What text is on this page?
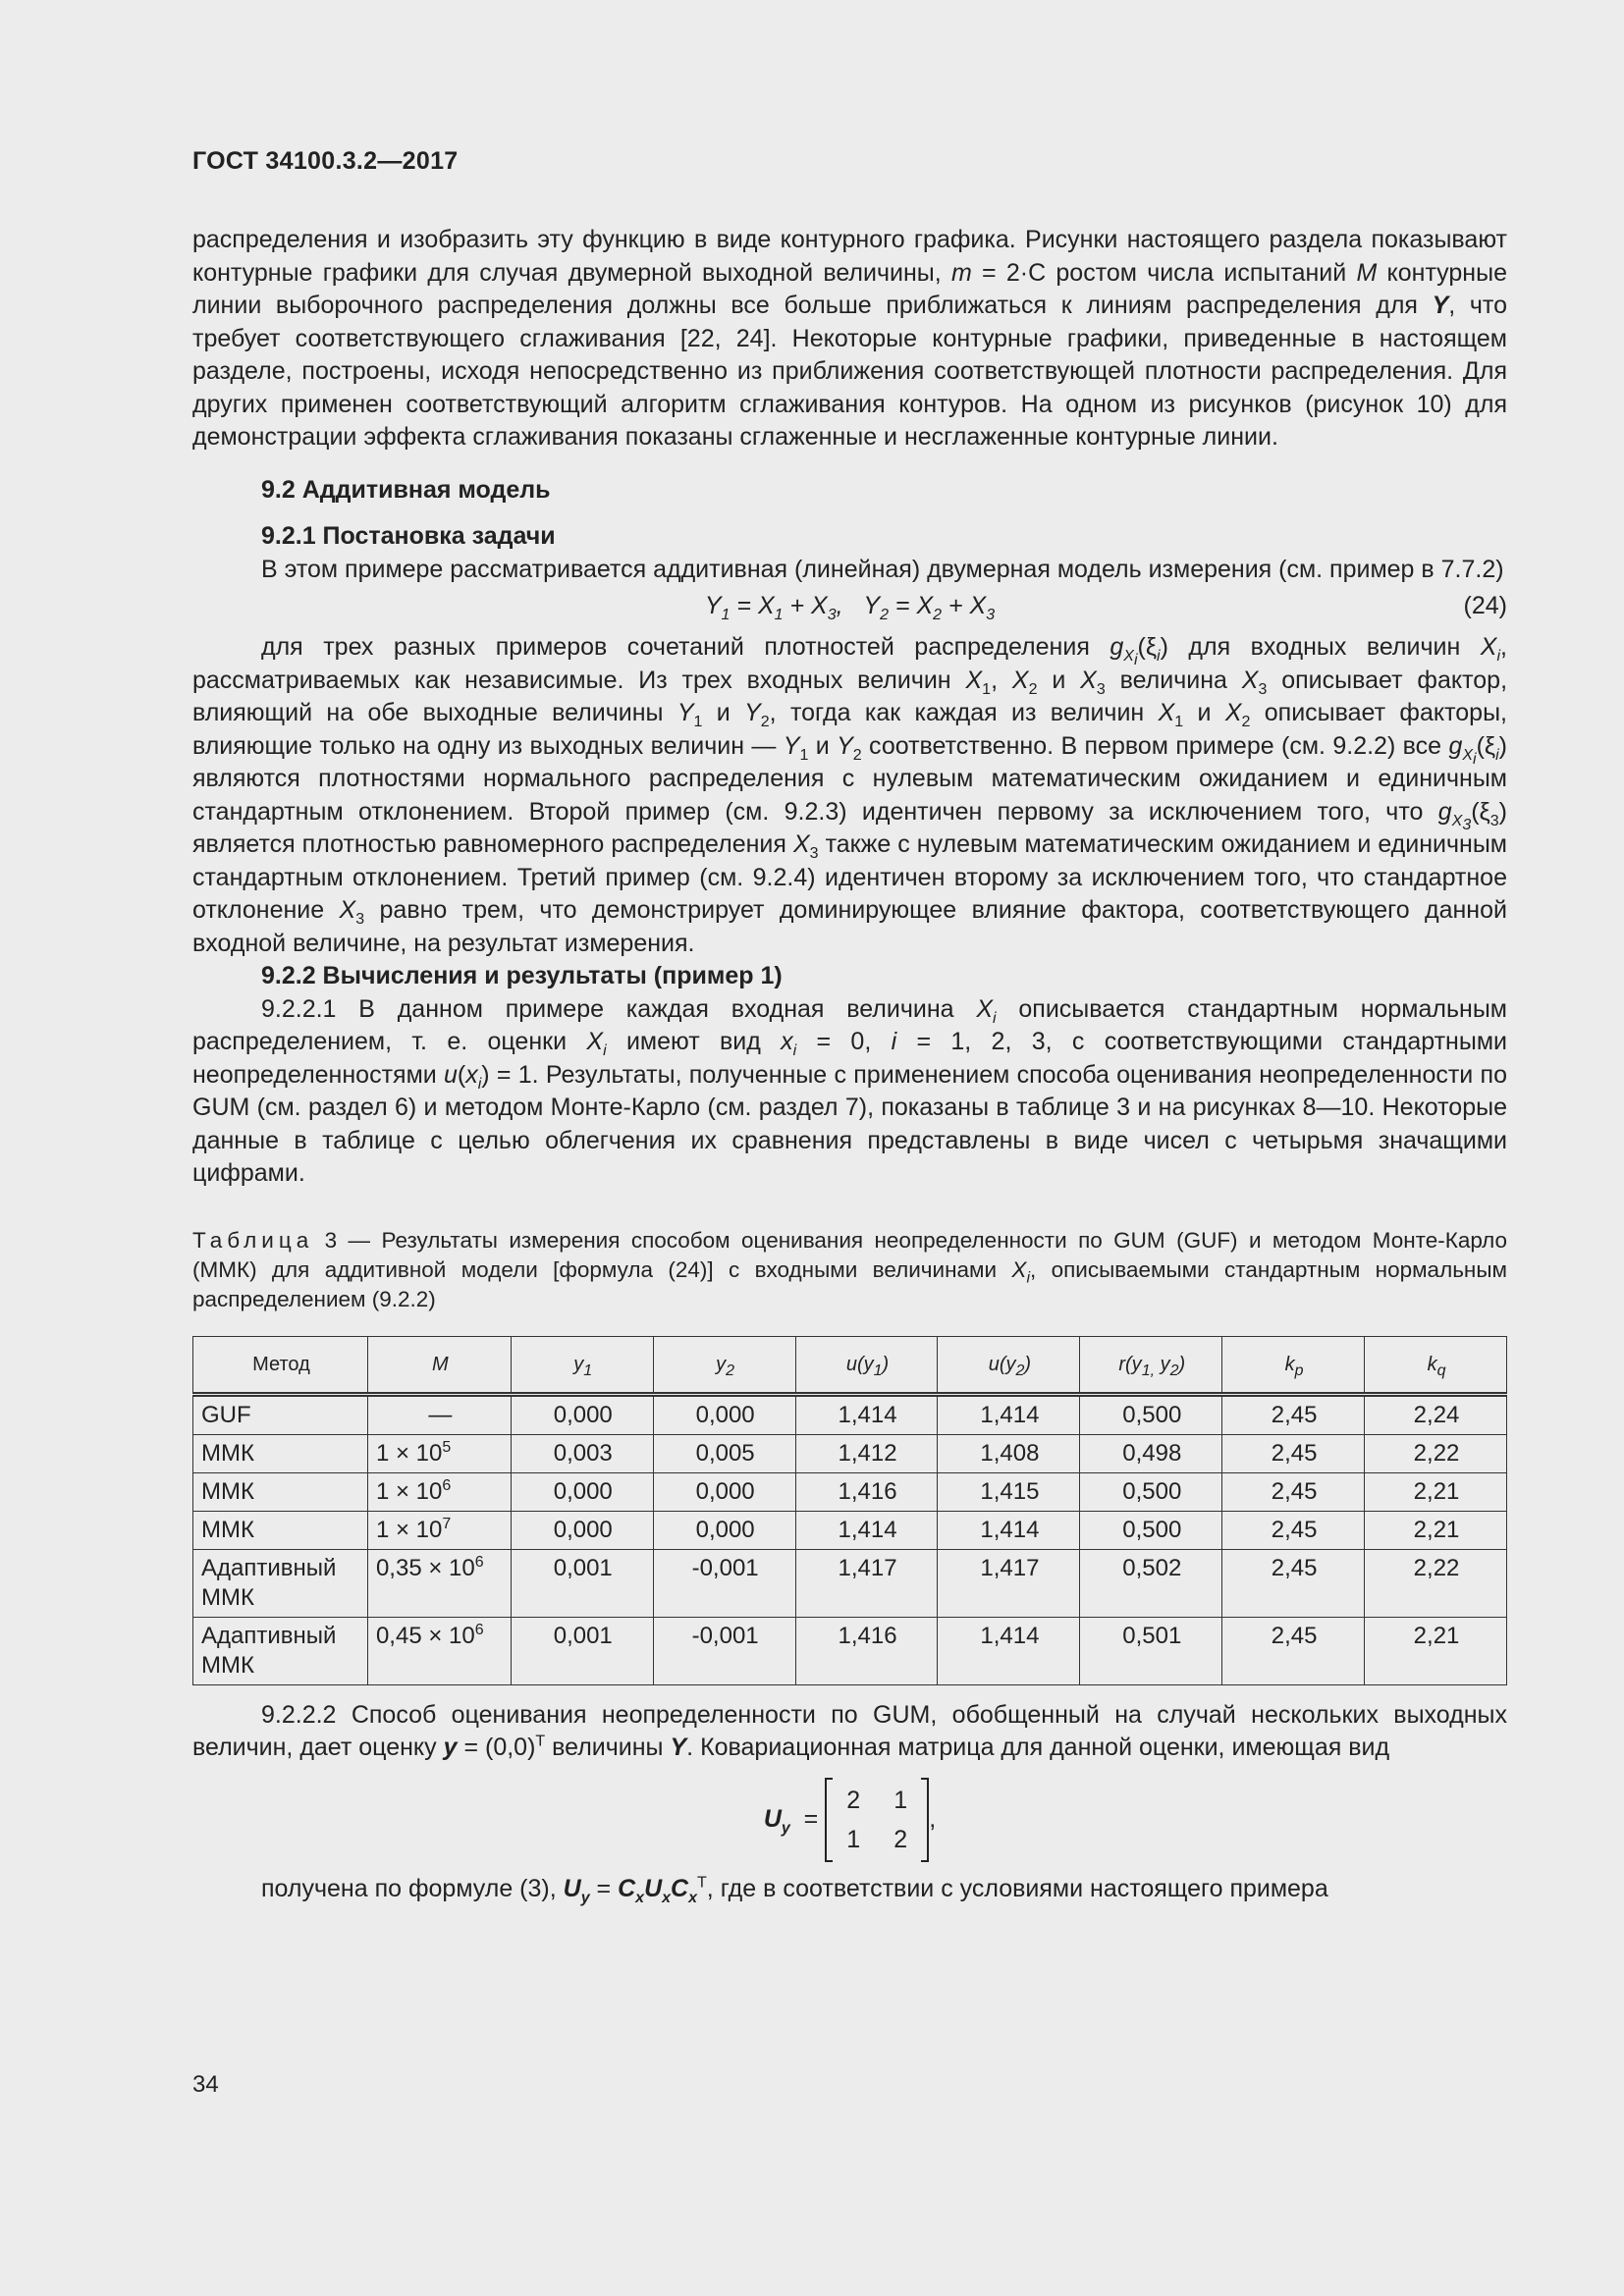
ГОСТ 34100.3.2—2017

распределения и изобразить эту функцию в виде контурного графика. Рисунки настоящего раздела показывают контурные графики для случая двумерной выходной величины, m = 2·С ростом числа испытаний M контурные линии выборочного распределения должны все больше приближаться к линиям распределения для Y, что требует соответствующего сглаживания [22, 24]. Некоторые контурные графики, приведенные в настоящем разделе, построены, исходя непосредственно из приближения соответствующей плотности распределения. Для других применен соответствующий алгоритм сглаживания контуров. На одном из рисунков (рисунок 10) для демонстрации эффекта сглаживания показаны сглаженные и несглаженные контурные линии.

9.2 Аддитивная модель

9.2.1 Постановка задачи

В этом примере рассматривается аддитивная (линейная) двумерная модель измерения (см. пример в 7.7.2)

$Y_1 = X_1 + X_3$,   $Y_2 = X_2 + X_3$	(24)

для трех разных примеров сочетаний плотностей распределения $g_{X_i}(\xi_i)$ для входных величин $X_i$, рассматриваемых как независимые. Из трех входных величин $X_1$, $X_2$ и $X_3$ величина $X_3$ описывает фактор, влияющий на обе выходные величины $Y_1$ и $Y_2$, тогда как каждая из величин $X_1$ и $X_2$ описывает факторы, влияющие только на одну из выходных величин — $Y_1$ и $Y_2$ соответственно. В первом примере (см. 9.2.2) все $g_{X_i}(\xi_i)$ являются плотностями нормального распределения с нулевым математическим ожиданием и единичным стандартным отклонением. Второй пример (см. 9.2.3) идентичен первому за исключением того, что $g_{X_3}(\xi_3)$ является плотностью равномерного распределения $X_3$ также с нулевым математическим ожиданием и единичным стандартным отклонением. Третий пример (см. 9.2.4) идентичен второму за исключением того, что стандартное отклонение $X_3$ равно трем, что демонстрирует доминирующее влияние фактора, соответствующего данной входной величине, на результат измерения.

9.2.2 Вычисления и результаты (пример 1)

9.2.2.1 В данном примере каждая входная величина $X_i$ описывается стандартным нормальным распределением, т. е. оценки $X_i$ имеют вид $x_i = 0$, i = 1, 2, 3, с соответствующими стандартными неопределенностями $u(x_i) = 1$. Результаты, полученные с применением способа оценивания неопределенности по GUM (см. раздел 6) и методом Монте-Карло (см. раздел 7), показаны в таблице 3 и на рисунках 8—10. Некоторые данные в таблице с целью облегчения их сравнения представлены в виде чисел с четырьмя значащими цифрами.

Таблица 3 — Результаты измерения способом оценивания неопределенности по GUM (GUF) и методом Монте-Карло (ММК) для аддитивной модели [формула (24)] с входными величинами $X_i$, описываемыми стандартным нормальным распределением (9.2.2)

Метод	M	$y_1$	$y_2$	$u(y_1)$	$u(y_2)$	$r(y_{1,}$ $y_2$)	$k_p$	$k_q$
GUF	—	0,000	0,000	1,414	1,414	0,500	2,45	2,24
ММК	$1 \times 10^5$	0,003	0,005	1,412	1,408	0,498	2,45	2,22
ММК	$1 \times 10^6$	0,000	0,000	1,416	1,415	0,500	2,45	2,21
ММК	$1 \times 10^7$	0,000	0,000	1,414	1,414	0,500	2,45	2,21
Адаптивный ММК	$0,35 \times 10^6$	0,001	-0,001	1,417	1,417	0,502	2,45	2,22
Адаптивный ММК	$0,45 \times 10^6$	0,001	-0,001	1,416	1,414	0,501	2,45	2,21

9.2.2.2 Способ оценивания неопределенности по GUM, обобщенный на случай нескольких выходных величин, дает оценку $y = (0,0)^T$ величины Y. Ковариационная матрица для данной оценки, имеющая вид

$U_y$ =
2	1
1	2
,

получена по формуле (3), $U_y = C_xU_xC_x^T$, где в соответствии с условиями настоящего примера

34
